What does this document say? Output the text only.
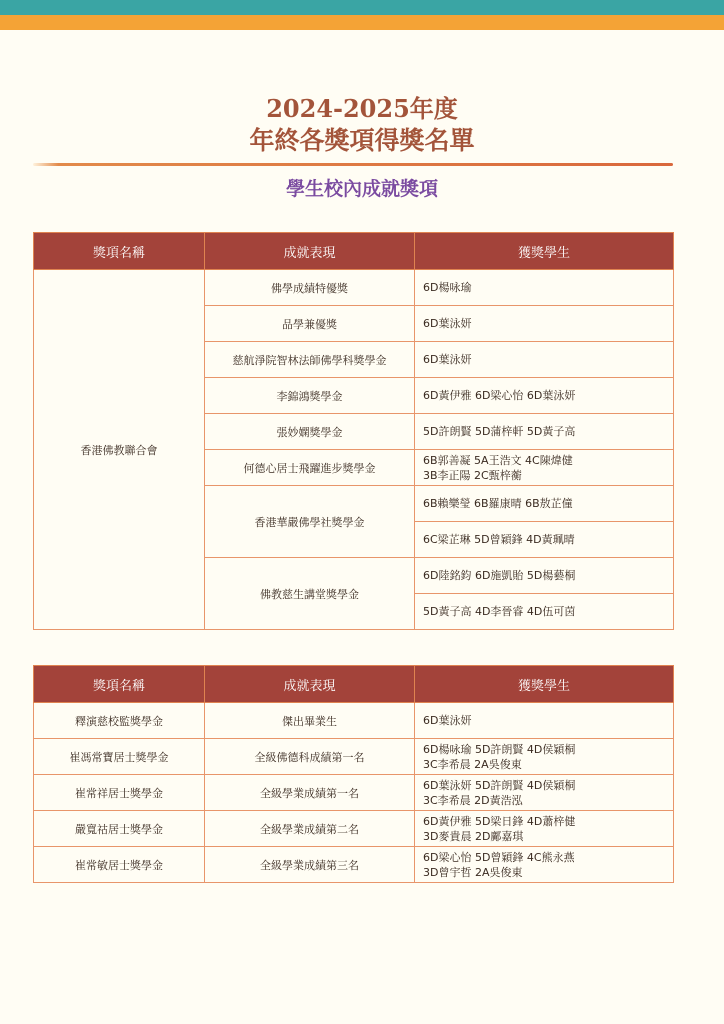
2024-2025年度
年終各獎項得獎名單
學生校內成就獎項
獎項名稱	成就表現	獲獎學生
香港佛教聯合會	佛學成績特優獎	6D楊咏瑜

	品學兼優獎	6D葉泳妍

	慈航淨院智林法師佛學科獎學金	6D葉泳妍

	李錦鴻獎學金	6D黃伊雅 6D梁心怡 6D葉泳妍

	張妙嫻獎學金	5D許朗賢 5D蒲梓軒 5D黃子高

	何德心居士飛躍進步獎學金	6B郭善凝 5A王浩文 4C陳煒健
3B李正陽 2C甄梓蘅

	香港華嚴佛學社獎學金	6B賴樂瑩 6B羅康晴 6B敖芷僮

		6C梁芷琳 5D曾穎鋒 4D黃珮晴

	佛教慈生講堂獎學金	6D陸銘鈞 6D施凱貽 5D楊藝桐

		5D黃子高 4D李晉睿 4D伍可茵
獎項名稱	成就表現	獲獎學生
釋演慈校監獎學金	傑出畢業生	6D葉泳妍

崔馮常寶居士獎學金	全級佛德科成績第一名	6D楊咏瑜 5D許朗賢 4D侯穎桐
3C李希晨 2A吳俊東

崔常祥居士獎學金	全級學業成績第一名	6D葉泳妍 5D許朗賢 4D侯穎桐
3C李希晨 2D黃浩泓

嚴寬祜居士獎學金	全級學業成績第二名	6D黃伊雅 5D梁日鋒 4D蕭梓健
3D麥貴晨 2D鄺嘉琪

崔常敏居士獎學金	全級學業成績第三名	6D梁心怡 5D曾穎鋒 4C熊永燕
3D曾宇哲 2A吳俊東
